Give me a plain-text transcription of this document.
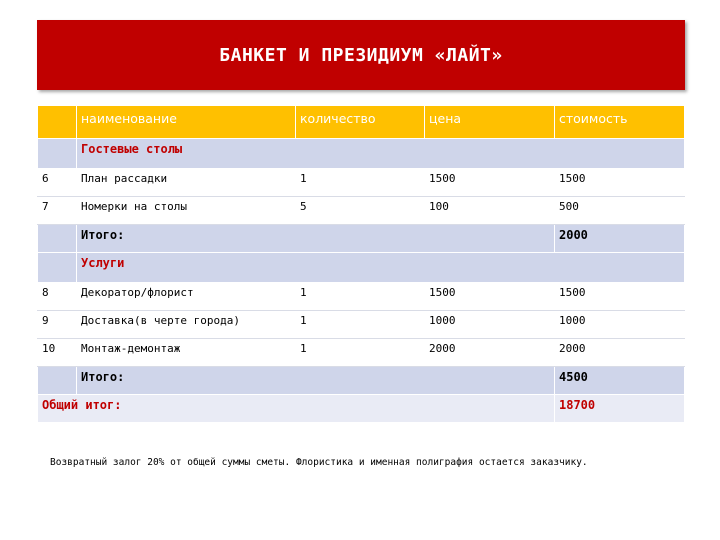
БАНКЕТ И ПРЕЗИДИУМ «ЛАЙТ»
	наименование	количество	цена	стоимость
	Гостевые столы			
6	План рассадки	1	1500	1500
7	Номерки на столы	5	100	500
	Итого:			2000
	Услуги			
8	Декоратор/флорист	1	1500	1500
9	Доставка(в черте города)	1	1000	1000
10	Монтаж-демонтаж	1	2000	2000
	Итого:			4500
Общий итог:				18700
Возвратный залог 20% от общей суммы сметы. Флористика и именная полиграфия остается заказчику.
